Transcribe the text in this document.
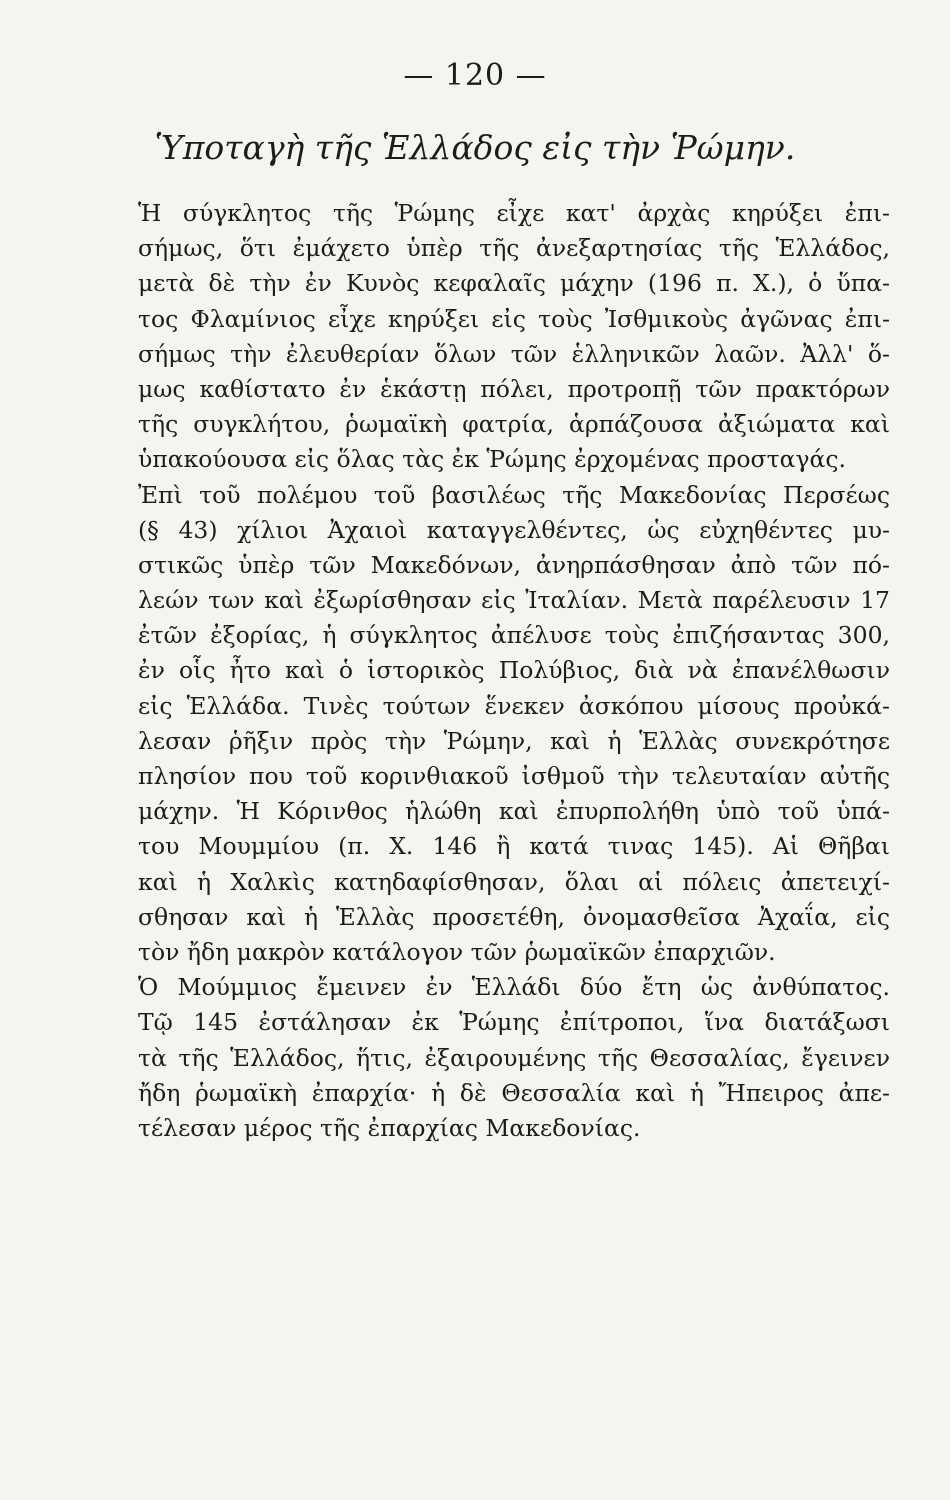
— 120 —
Ὑποταγὴ τῆς Ἑλλάδος εἰς τὴν Ῥώμην.
Ἡ σύγκλητος τῆς Ῥώμης εἶχε κατ' ἀρχὰς κηρύξει ἐπι-
σήμως, ὅτι ἐμάχετο ὑπὲρ τῆς ἀνεξαρτησίας τῆς Ἑλλάδος,
μετὰ δὲ τὴν ἐν Κυνὸς κεφαλαῖς μάχην (196 π. Χ.), ὁ ὕπα-
τος Φλαμίνιος εἶχε κηρύξει εἰς τοὺς Ἰσθμικοὺς ἀγῶνας ἐπι-
σήμως τὴν ἐλευθερίαν ὅλων τῶν ἑλληνικῶν λαῶν. Ἀλλ' ὅ-
μως καθίστατο ἐν ἑκάστῃ πόλει, προτροπῇ τῶν πρακτόρων
τῆς συγκλήτου, ῥωμαϊκὴ φατρία, ἁρπάζουσα ἀξιώματα καὶ
ὑπακούουσα εἰς ὅλας τὰς ἐκ Ῥώμης ἐρχομένας προσταγάς.
Ἐπὶ τοῦ πολέμου τοῦ βασιλέως τῆς Μακεδονίας Περσέως
(§ 43) χίλιοι Ἀχαιοὶ καταγγελθέντες, ὡς εὐχηθέντες μυ-
στικῶς ὑπὲρ τῶν Μακεδόνων, ἀνηρπάσθησαν ἀπὸ τῶν πό-
λεών των καὶ ἐξωρίσθησαν εἰς Ἰταλίαν. Μετὰ παρέλευσιν 17
ἐτῶν ἐξορίας, ἡ σύγκλητος ἀπέλυσε τοὺς ἐπιζήσαντας 300,
ἐν οἷς ἦτο καὶ ὁ ἱστορικὸς Πολύβιος, διὰ νὰ ἐπανέλθωσιν
εἰς Ἑλλάδα. Τινὲς τούτων ἕνεκεν ἀσκόπου μίσους προὐκά-
λεσαν ῥῆξιν πρὸς τὴν Ῥώμην, καὶ ἡ Ἑλλὰς συνεκρότησε
πλησίον που τοῦ κορινθιακοῦ ἰσθμοῦ τὴν τελευταίαν αὐτῆς
μάχην. Ἡ Κόρινθος ἡλώθη καὶ ἐπυρπολήθη ὑπὸ τοῦ ὑπά-
του Μουμμίου (π. Χ. 146 ἢ κατά τινας 145). Αἱ Θῆβαι
καὶ ἡ Χαλκὶς κατηδαφίσθησαν, ὅλαι αἱ πόλεις ἀπετειχί-
σθησαν καὶ ἡ Ἑλλὰς προσετέθη, ὀνομασθεῖσα Ἀχαΐα, εἰς
τὸν ἤδη μακρὸν κατάλογον τῶν ῥωμαϊκῶν ἐπαρχιῶν.
Ὁ Μούμμιος ἔμεινεν ἐν Ἑλλάδι δύο ἔτη ὡς ἀνθύπατος.
Τῷ 145 ἐστάλησαν ἐκ Ῥώμης ἐπίτροποι, ἵνα διατάξωσι
τὰ τῆς Ἑλλάδος, ἥτις, ἐξαιρουμένης τῆς Θεσσαλίας, ἔγεινεν
ἤδη ῥωμαϊκὴ ἐπαρχία· ἡ δὲ Θεσσαλία καὶ ἡ Ἤπειρος ἀπε-
τέλεσαν μέρος τῆς ἐπαρχίας Μακεδονίας.
